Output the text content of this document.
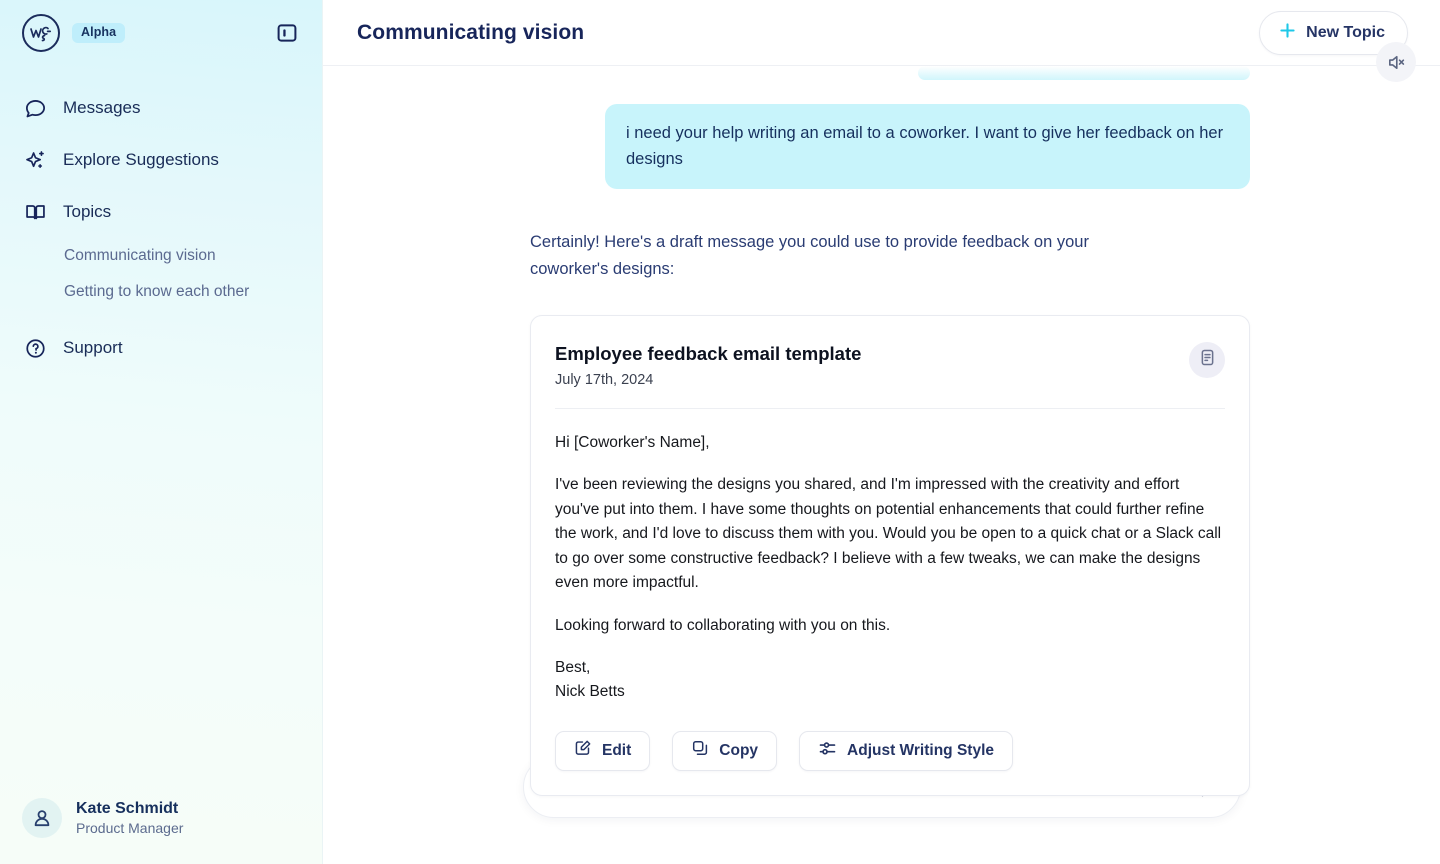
Alpha
Messages
Explore Suggestions
Topics
Communicating vision
Getting to know each other
Support
Kate Schmidt
Product Manager
Communicating vision	New Topic
i need your help writing an email to a coworker. I want to give her feedback on her designs
Certainly! Here's a draft message you could use to provide feedback on your coworker's designs:
Employee feedback email template
July 17th, 2024

Hi [Coworker's Name],

I've been reviewing the designs you shared, and I'm impressed with the creativity and effort you've put into them. I have some thoughts on potential enhancements that could further refine the work, and I'd love to discuss them with you. Would you be open to a quick chat or a Slack call to go over some constructive feedback? I believe with a few tweaks, we can make the designs even more impactful.

Looking forward to collaborating with you on this.

Best,

Nick Betts

Edit	Copy	Adjust Writing Style
What do you want to talk about?
